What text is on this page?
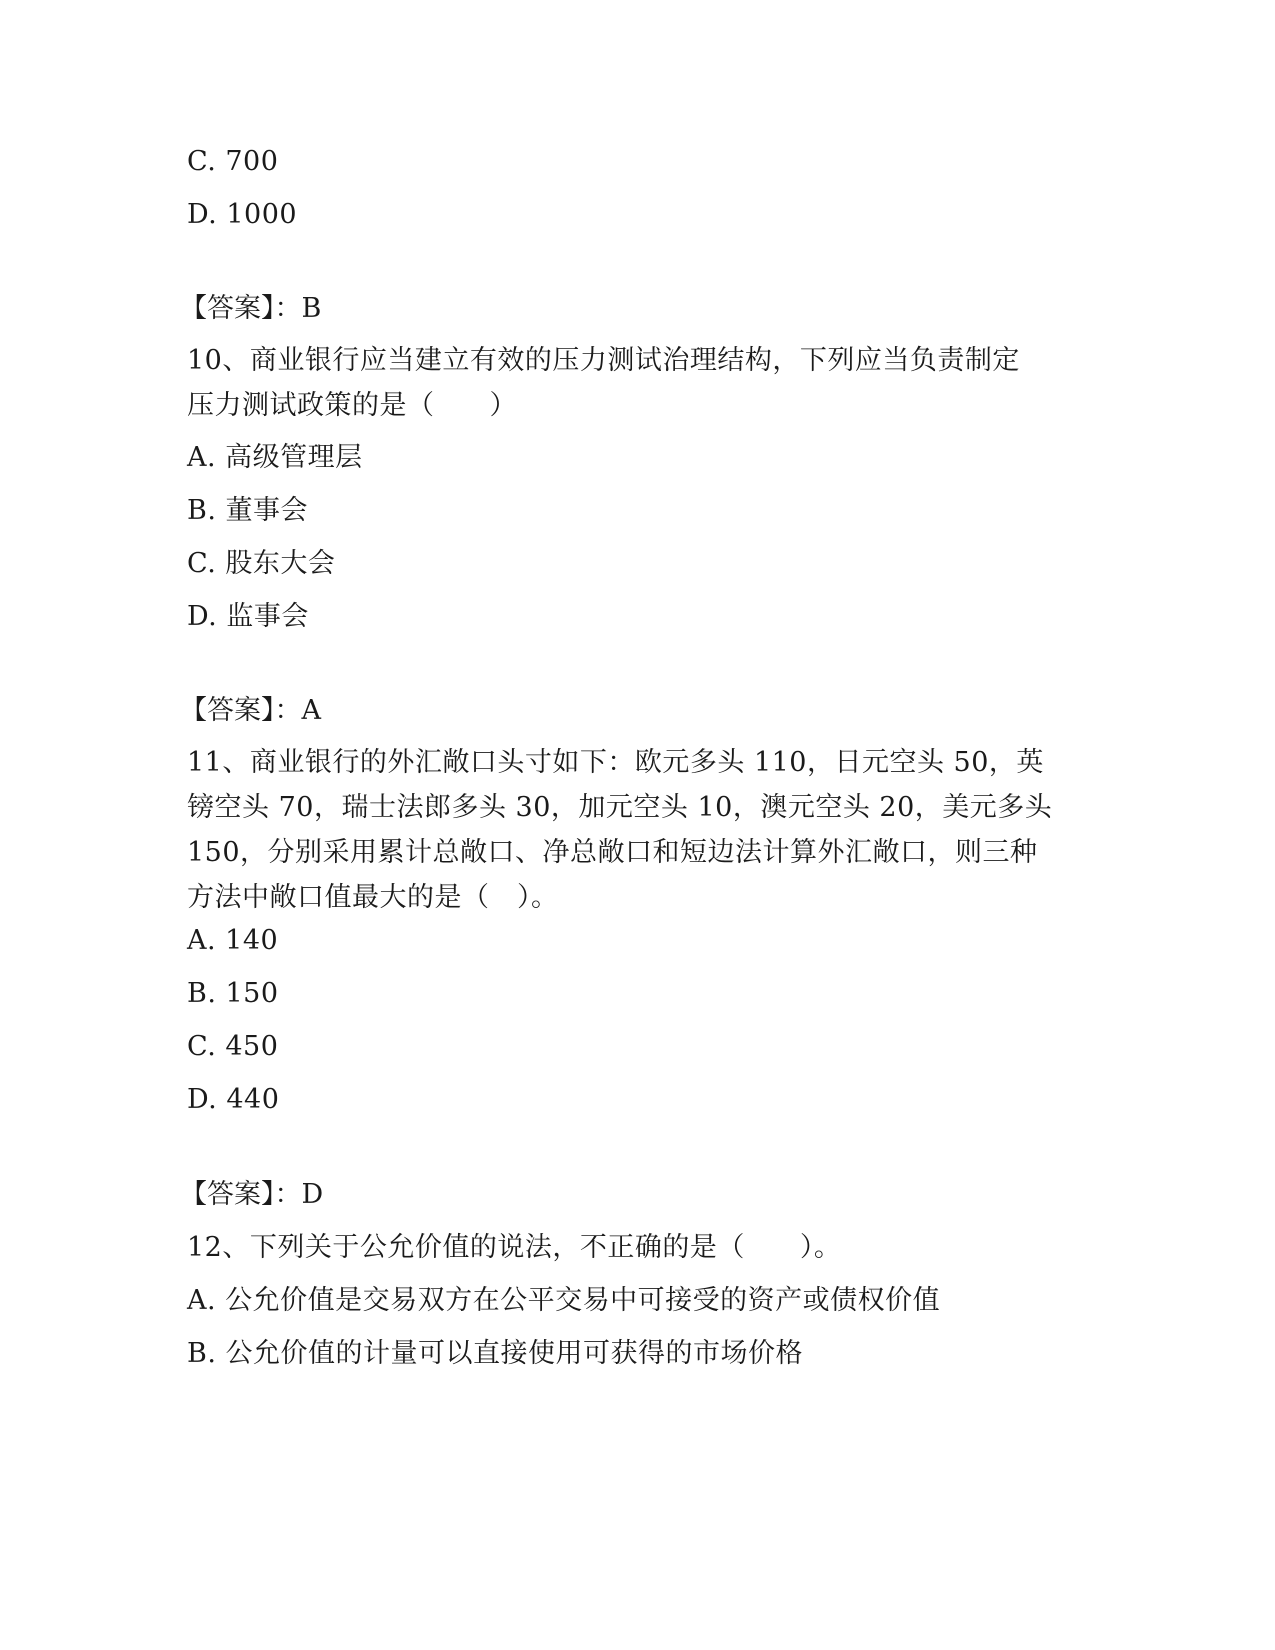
C. 700
D. 1000
【答案】：B
10、商业银行应当建立有效的压力测试治理结构，下列应当负责制定
压力测试政策的是（　　）
A. 高级管理层
B. 董事会
C. 股东大会
D. 监事会
【答案】：A
11、商业银行的外汇敞口头寸如下：欧元多头 110，日元空头 50，英
镑空头 70，瑞士法郎多头 30，加元空头 10，澳元空头 20，美元多头
150，分别采用累计总敞口、净总敞口和短边法计算外汇敞口，则三种
方法中敞口值最大的是（　）。
A. 140
B. 150
C. 450
D. 440
【答案】：D
12、下列关于公允价值的说法，不正确的是（　　）。
A. 公允价值是交易双方在公平交易中可接受的资产或债权价值
B. 公允价值的计量可以直接使用可获得的市场价格
